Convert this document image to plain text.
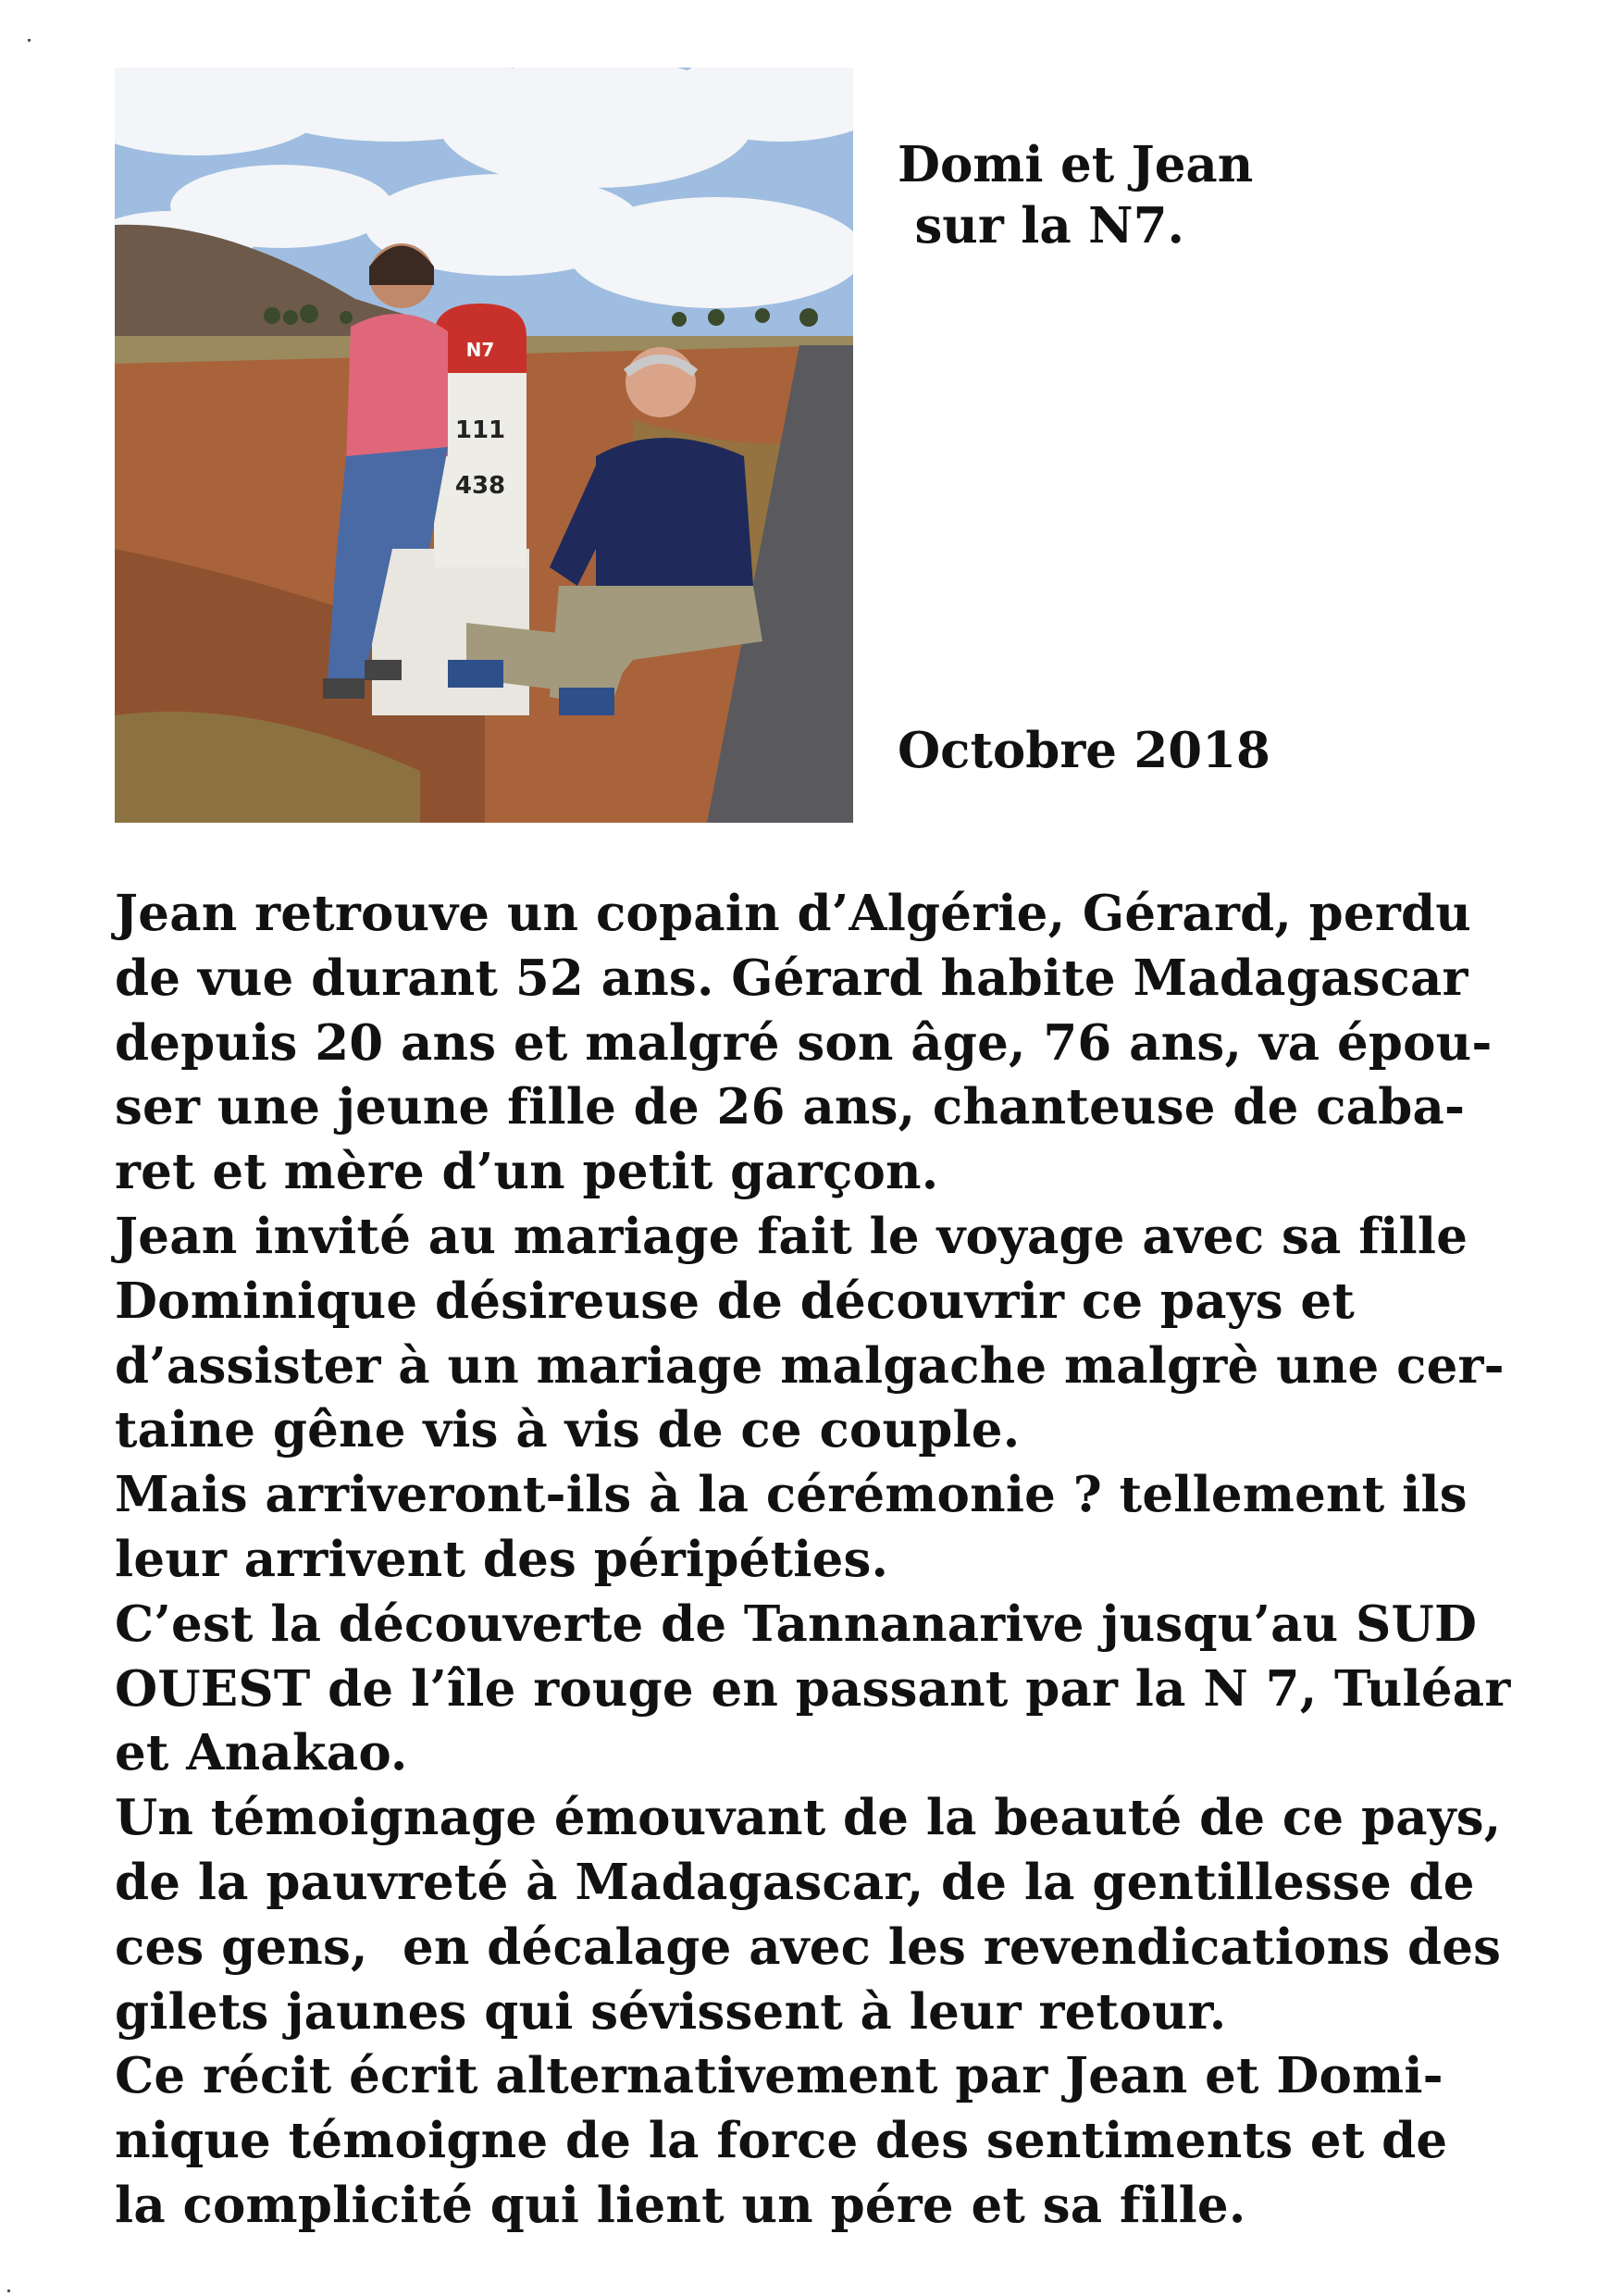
N7
111
438
Domi et Jean
sur la N7.
Octobre 2018
Jean retrouve un copain d’Algérie, Gérard, perdu
de vue durant 52 ans. Gérard habite Madagascar
depuis 20 ans et malgré son âge, 76 ans, va épou-
ser une jeune fille de 26 ans, chanteuse de caba-
ret et mère d’un petit garçon.
Jean invité au mariage fait le voyage avec sa fille
Dominique désireuse de découvrir ce pays et
d’assister à un mariage malgache malgrè une cer-
taine gêne vis à vis de ce couple.
Mais arriveront-ils à la cérémonie ? tellement ils
leur arrivent des péripéties.
C’est la découverte de Tannanarive jusqu’au SUD
OUEST de l’île rouge en passant par la N 7, Tuléar
et Anakao.
Un témoignage émouvant de la beauté de ce pays,
de la pauvreté à Madagascar, de la gentillesse de
ces gens,  en décalage avec les revendications des
gilets jaunes qui sévissent à leur retour.
Ce récit écrit alternativement par Jean et Domi-
nique témoigne de la force des sentiments et de
la complicité qui lient un pére et sa fille.
